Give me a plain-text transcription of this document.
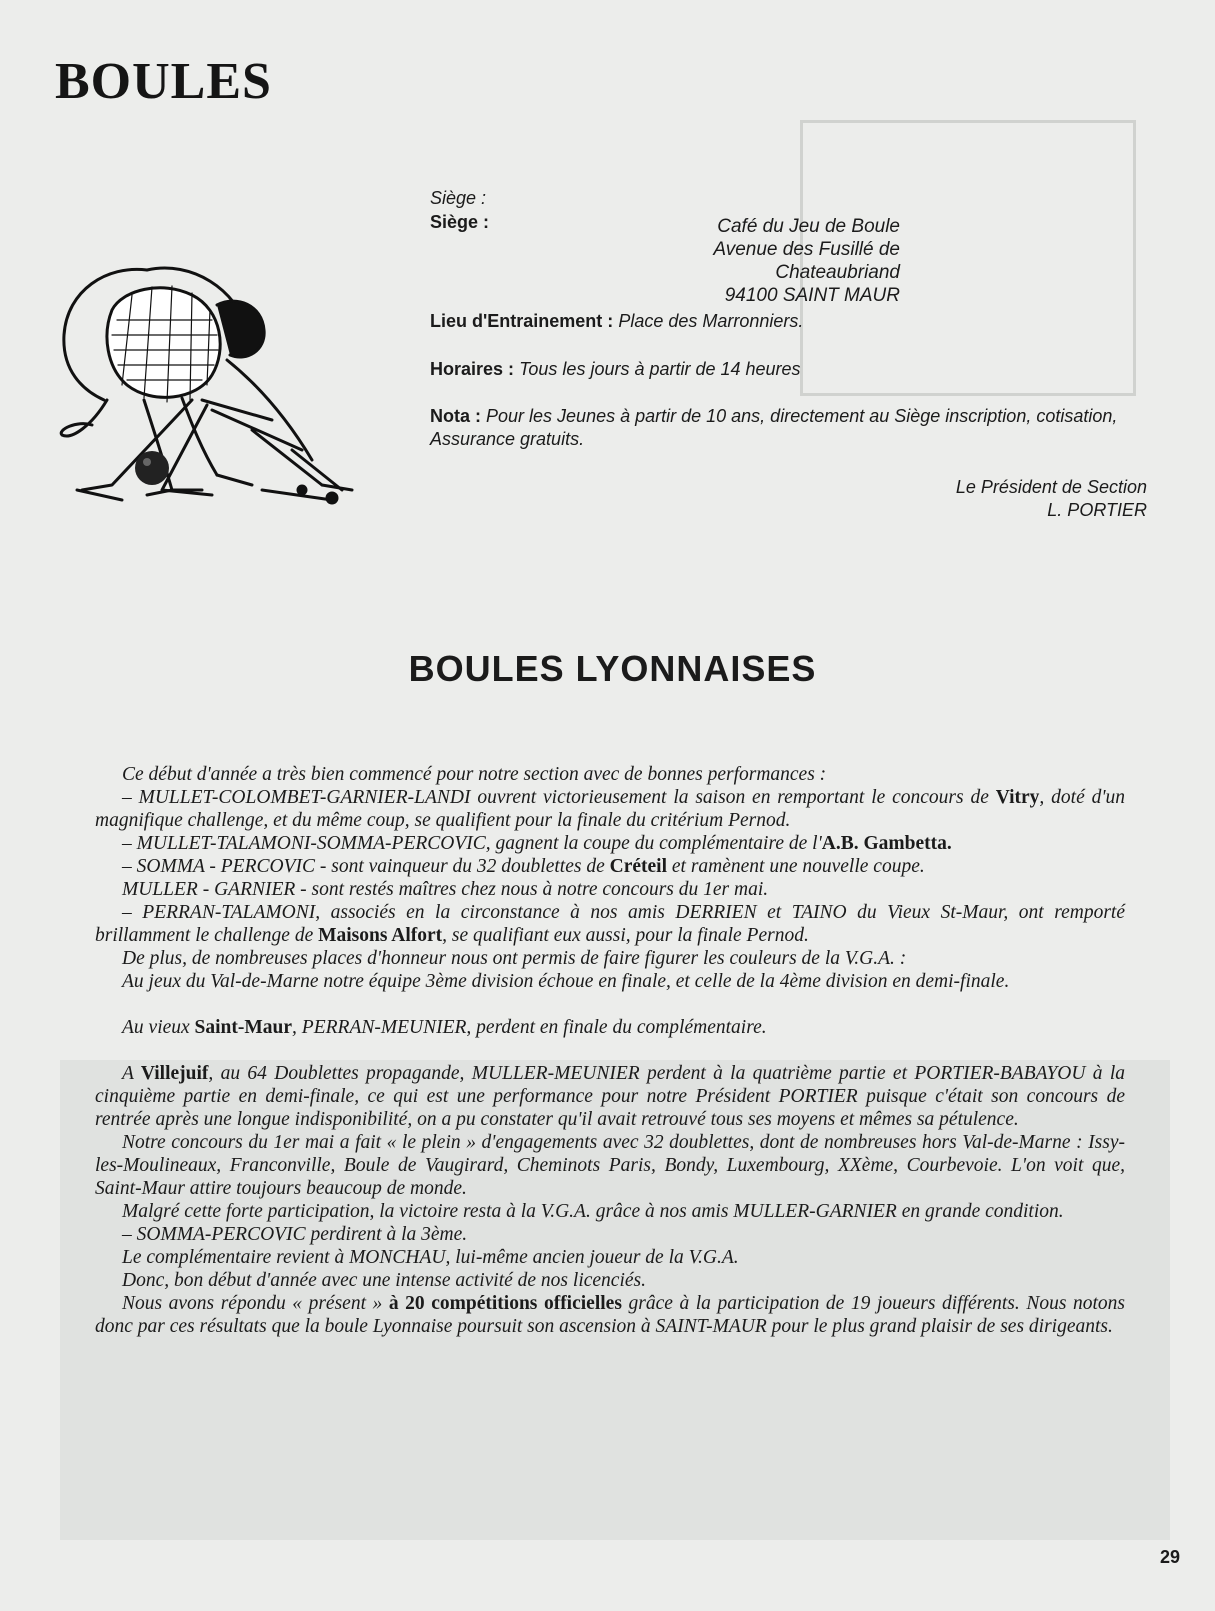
BOULES
Siège :
Siège :	Café du Jeu de Boule
Avenue des Fusillé de Chateaubriand
94100 SAINT MAUR
Lieu d'Entrainement : Place des Marronniers.
Horaires : Tous les jours à partir de 14 heures
Nota : Pour les Jeunes à partir de 10 ans, directement au Siège inscription, cotisation, Assurance gratuits.
Le Président de Section
L. PORTIER
BOULES LYONNAISES

Ce début d'année a très bien commencé pour notre section avec de bonnes performances :

– MULLET-COLOMBET-GARNIER-LANDI ouvrent victorieusement la saison en remportant le concours de Vitry, doté d'un magnifique challenge, et du même coup, se qualifient pour la finale du critérium Pernod.

– MULLET-TALAMONI-SOMMA-PERCOVIC, gagnent la coupe du complémentaire de l'A.B. Gambetta.

– SOMMA - PERCOVIC - sont vainqueur du 32 doublettes de Créteil et ramènent une nouvelle coupe.

MULLER - GARNIER - sont restés maîtres chez nous à notre concours du 1er mai.

– PERRAN-TALAMONI, associés en la circonstance à nos amis DERRIEN et TAINO du Vieux St-Maur, ont remporté brillamment le challenge de Maisons Alfort, se qualifiant eux aussi, pour la finale Pernod.

De plus, de nombreuses places d'honneur nous ont permis de faire figurer les couleurs de la V.G.A. :

Au jeux du Val-de-Marne notre équipe 3ème division échoue en finale, et celle de la 4ème division en demi-finale.

Au vieux Saint-Maur, PERRAN-MEUNIER, perdent en finale du complémentaire.

A Villejuif, au 64 Doublettes propagande, MULLER-MEUNIER perdent à la quatrième partie et PORTIER-BABAYOU à la cinquième partie en demi-finale, ce qui est une performance pour notre Président PORTIER puisque c'était son concours de rentrée après une longue indisponibilité, on a pu constater qu'il avait retrouvé tous ses moyens et mêmes sa pétulence.

Notre concours du 1er mai a fait « le plein » d'engagements avec 32 doublettes, dont de nombreuses hors Val-de-Marne : Issy-les-Moulineaux, Franconville, Boule de Vaugirard, Cheminots Paris, Bondy, Luxembourg, XXème, Courbevoie. L'on voit que, Saint-Maur attire toujours beaucoup de monde.

Malgré cette forte participation, la victoire resta à la V.G.A. grâce à nos amis MULLER-GARNIER en grande condition.

– SOMMA-PERCOVIC perdirent à la 3ème.

Le complémentaire revient à MONCHAU, lui-même ancien joueur de la V.G.A.

Donc, bon début d'année avec une intense activité de nos licenciés.

Nous avons répondu « présent » à 20 compétitions officielles grâce à la participation de 19 joueurs différents. Nous notons donc par ces résultats que la boule Lyonnaise poursuit son ascension à SAINT-MAUR pour le plus grand plaisir de ses dirigeants.

29
